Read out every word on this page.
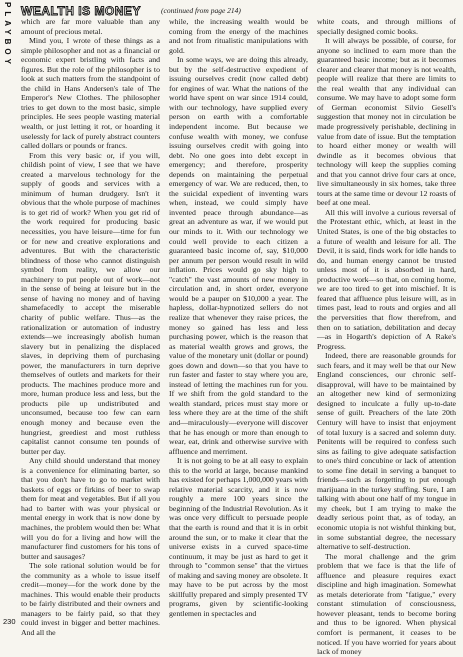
PLAYBOY
230
WEALTH IS MONEY	(continued from page 214)

which are far more valuable than any amount of precious metal.

Mind you, I wrote of these things as a simple philosopher and not as a financial or economic expert bristling with facts and figures. But the role of the philosopher is to look at such matters from the standpoint of the child in Hans Andersen's tale of The Emperor's New Clothes. The philosopher tries to get down to the most basic, simple principles. He sees people wasting material wealth, or just letting it rot, or hoarding it uselessly for lack of purely abstract counters called dollars or pounds or francs.

From this very basic or, if you will, childish point of view, I see that we have created a marvelous technology for the supply of goods and services with a minimum of human drudgery. Isn't it obvious that the whole purpose of machines is to get rid of work? When you get rid of the work required for producing basic necessities, you have leisure—time for fun or for new and creative explorations and adventures. But with the characteristic blindness of those who cannot distinguish symbol from reality, we allow our machinery to put people out of work—not in the sense of being at leisure but in the sense of having no money and of having shamefacedly to accept the miserable charity of public welfare. Thus—as the rationalization or automation of industry extends—we increasingly abolish human slavery but in penalizing the displaced slaves, in depriving them of purchasing power, the manufacturers in turn deprive themselves of outlets and markets for their products. The machines produce more and more, human produce less and less, but the products pile up undistributed and unconsumed, because too few can earn enough money and because even the hungriest, greediest and most ruthless capitalist cannot consume ten pounds of butter per day.

Any child should understand that money is a convenience for eliminating barter, so that you don't have to go to market with baskets of eggs or firkins of beer to swap them for meat and vegetables. But if all you had to barter with was your physical or mental energy in work that is now done by machines, the problem would then be: What will you do for a living and how will the manufacturer find customers for his tons of butter and sausages?

The sole rational solution would be for the community as a whole to issue itself credit—money—for the work done by the machines. This would enable their products to be fairly distributed and their owners and managers to be fairly paid, so that they could invest in bigger and better machines. And all the

while, the increasing wealth would be coming from the energy of the machines and not from ritualistic manipulations with gold.

In some ways, we are doing this already, but by the self-destructive expedient of issuing ourselves credit (now called debt) for engines of war. What the nations of the world have spent on war since 1914 could, with our technology, have supplied every person on earth with a comfortable independent income. But because we confuse wealth with money, we confuse issuing ourselves credit with going into debt. No one goes into debt except in emergency; and therefore, prosperity depends on maintaining the perpetual emergency of war. We are reduced, then, to the suicidal expedient of inventing wars when, instead, we could simply have invented peace through abundance—as great an adventure as war, if we would put our minds to it. With our technology we could well provide to each citizen a guaranteed basic income of, say, $10,000 per annum per person would result in wild inflation. Prices would go sky high to "catch" the vast amounts of new money in circulation and, in short order, everyone would be a pauper on $10,000 a year. The hapless, dollar-hypnotized sellers do not realize that whenever they raise prices, the money so gained has less and less purchasing power, which is the reason that as material wealth grows and grows, the value of the monetary unit (dollar or pound) goes down and down—so that you have to run faster and faster to stay where you are, instead of letting the machines run for you. If we shift from the gold standard to the wealth standard, prices must stay more or less where they are at the time of the shift and—miraculously—everyone will discover that he has enough or more than enough to wear, eat, drink and otherwise survive with affluence and merriment.

It is not going to be at all easy to explain this to the world at large, because mankind has existed for perhaps 1,000,000 years with relative material scarcity, and it is now roughly a mere 100 years since the beginning of the Industrial Revolution. As it was once very difficult to persuade people that the earth is round and that it is in orbit around the sun, or to make it clear that the universe exists in a curved space-time continuum, it may be just as hard to get it through to "common sense" that the virtues of making and saving money are obsolete. It may have to be put across by the most skillfully prepared and simply presented TV programs, given by scientific-looking gentlemen in spectacles and

white coats, and through millions of specially designed comic books.

It will always be possible, of course, for anyone so inclined to earn more than the guaranteed basic income; but as it becomes clearer and clearer that money is not wealth, people will realize that there are limits to the real wealth that any individual can consume. We may have to adopt some form of German economist Silvio Gesell's suggestion that money not in circulation be made progressively perishable, declining in value from date of issue. But the temptation to hoard either money or wealth will dwindle as it becomes obvious that technology will keep the supplies coming and that you cannot drive four cars at once, live simultaneously in six homes, take three tours at the same time or devour 12 roasts of beef at one meal.

All this will involve a curious reversal of the Protestant ethic, which, at least in the United States, is one of the big obstacles to a future of wealth and leisure for all. The Devil, it is said, finds work for idle hands to do, and human energy cannot be trusted unless most of it is absorbed in hard, productive work—so that, on coming home, we are too tired to get into mischief. It is feared that affluence plus leisure will, as in times past, lead to routs and orgies and all the perversities that flow therefrom, and then on to satiation, debilitation and decay—as in Hogarth's depiction of A Rake's Progress.

Indeed, there are reasonable grounds for such fears, and it may well be that our New England consciences, our chronic self-disapproval, will have to be maintained by an altogether new kind of sermonizing designed to inculcate a fully up-to-date sense of guilt. Preachers of the late 20th Century will have to insist that enjoyment of total luxury is a sacred and solemn duty. Penitents will be required to confess such sins as failing to give adequate satisfaction to one's third concubine or lack of attention to some fine detail in serving a banquet to friends—such as forgetting to put enough marijuana in the turkey stuffing. Sure, I am talking with about one half of my tongue in my cheek, but I am trying to make the deadly serious point that, as of today, an economic utopia is not wishful thinking but, in some substantial degree, the necessary alternative to self-destruction.

The moral challenge and the grim problem that we face is that the life of affluence and pleasure requires exact discipline and high imagination. Somewhat as metals deteriorate from "fatigue," every constant stimulation of consciousness, however pleasant, tends to become boring and thus to be ignored. When physical comfort is permanent, it ceases to be noticed. If you have worried for years about lack of money
